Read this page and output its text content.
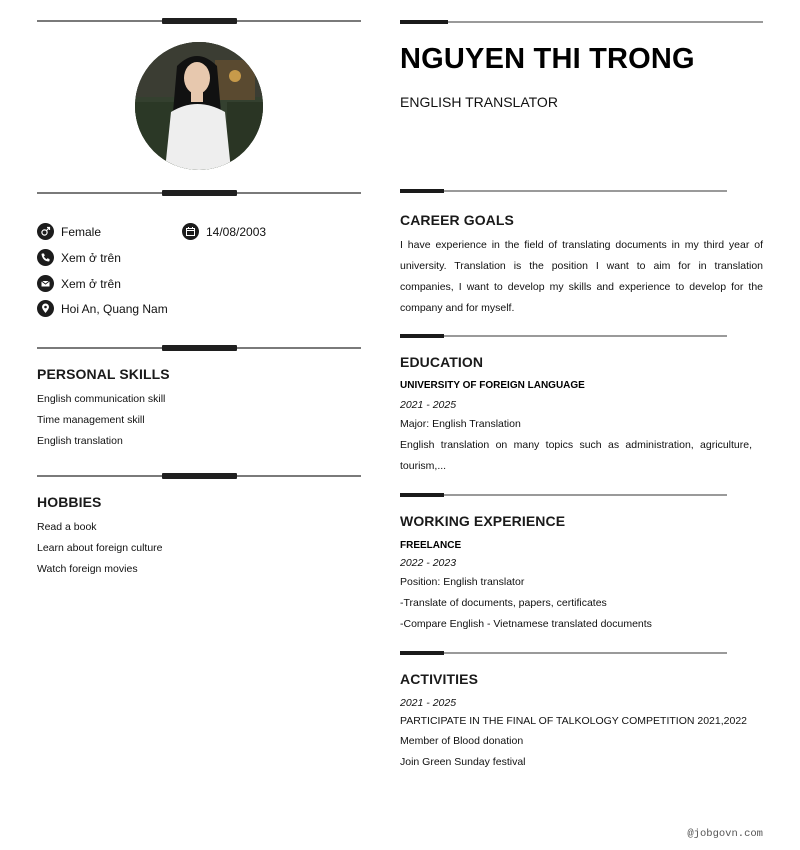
Female	14/08/2003
Xem ở trên
Xem ở trên
Hoi An, Quang Nam
PERSONAL SKILLS
English communication skill
Time management skill
English translation
HOBBIES
Read a book
Learn about foreign culture
Watch foreign movies
NGUYEN THI TRONG
ENGLISH TRANSLATOR
CAREER GOALS
I have experience in the field of translating documents in my third year of university. Translation is the position I want to aim for in translation companies, I want to develop my skills and experience to develop for the company and for myself.
EDUCATION
UNIVERSITY OF FOREIGN LANGUAGE
2021 - 2025
Major: English Translation
English translation on many topics such as administration, agriculture, tourism,...
WORKING EXPERIENCE
FREELANCE
2022 - 2023
Position: English translator
-Translate of documents, papers, certificates
-Compare English - Vietnamese translated documents
ACTIVITIES
2021 - 2025
PARTICIPATE IN THE FINAL OF TALKOLOGY COMPETITION 2021,2022
Member of Blood donation
Join Green Sunday festival
@jobgovn.com
